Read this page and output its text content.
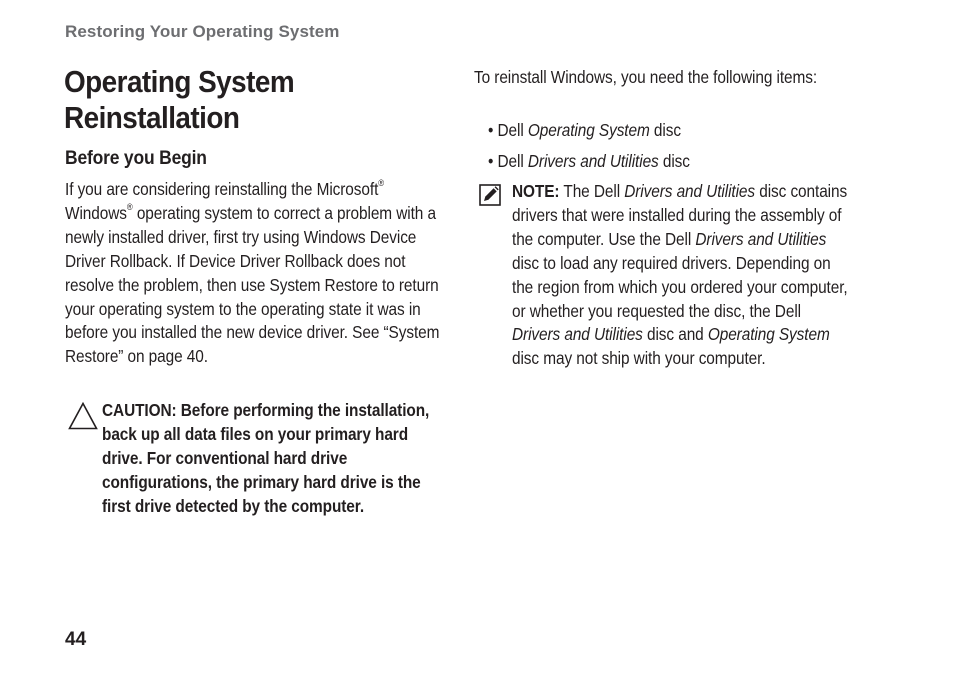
Restoring Your Operating System
Operating System Reinstallation
Before you Begin

If you are considering reinstalling the Microsoft® Windows® operating system to correct a problem with a newly installed driver, first try using Windows Device Driver Rollback. If Device Driver Rollback does not resolve the problem, then use System Restore to return your operating system to the operating state it was in before you installed the new device driver. See “System Restore” on page 40.

CAUTION: Before performing the installation, back up all data files on your primary hard drive. For conventional hard drive configurations, the primary hard drive is the first drive detected by the computer.

To reinstall Windows, you need the following items:

• Dell Operating System disc
• Dell Drivers and Utilities disc

NOTE: The Dell Drivers and Utilities disc contains drivers that were installed during the assembly of the computer. Use the Dell Drivers and Utilities disc to load any required drivers. Depending on the region from which you ordered your computer, or whether you requested the disc, the Dell Drivers and Utilities disc and Operating System disc may not ship with your computer.

44
